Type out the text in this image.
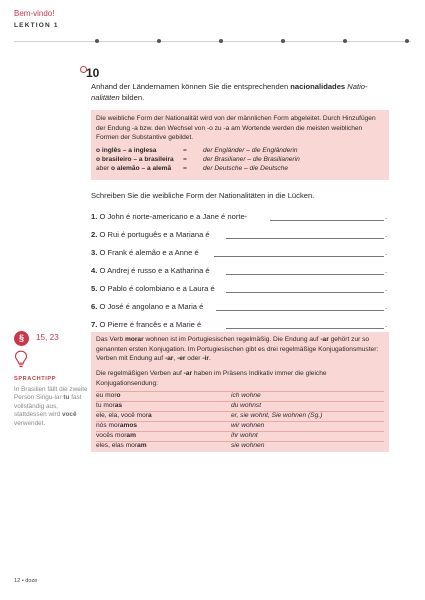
Bem-vindo!
LEKTION 1
10
Anhand der Ländernamen können Sie die entsprechenden nacionalidades Natio-nalitäten bilden.
Die weibliche Form der Nationalität wird von der männlichen Form abgeleitet. Durch Hinzufügen der Endung -a bzw. den Wechsel von -o zu -a am Wortende werden die meisten weiblichen Formen der Substantive gebildet.
o inglês – a inglesa	= der Engländer – die Engländerin
o brasileiro – a brasileira = der Brasilianer – die Brasilianerin
aber o alemão – a alemã = der Deutsche – die Deutsche
Schreiben Sie die weibliche Form der Nationalitäten in die Lücken.
1. O John é norte-americano e a Jane é norte-	.
2. O Rui é português e a Mariana é	.
3. O Frank é alemão e a Anne é	.
4. O Andrej é russo e a Katharina é	.
5. O Pablo é colombiano e a Laura é	.
6. O José é angolano e a Maria é	.
7. O Pierre é francês e a Marie é	.
§	15, 23
SPRACHTIPP
In Brasilien fällt die zweite Person Singu-lar tu fast vollständig aus, stattdessen wird você verwendet.
Das Verb morar wohnen ist im Portugiesischen regelmäßig. Die Endung auf -ar gehört zur so genannten ersten Konjugation. Im Portugiesischen gibt es drei regelmäßige Konjugationsmuster: Verben mit Endung auf -ar, -er oder -ir.
Die regelmäßigen Verben auf -ar haben im Präsens Indikativ immer die gleiche Konjugationsendung:
eu moro	ich wohne
tu moras	du wohnst
ele, ela, você mora	er, sie wohnt, Sie wohnen (Sg.)
nós moramos	wir wohnen
vocês moram	ihr wohnt
eles, elas moram	sie wohnen
12 • doze
